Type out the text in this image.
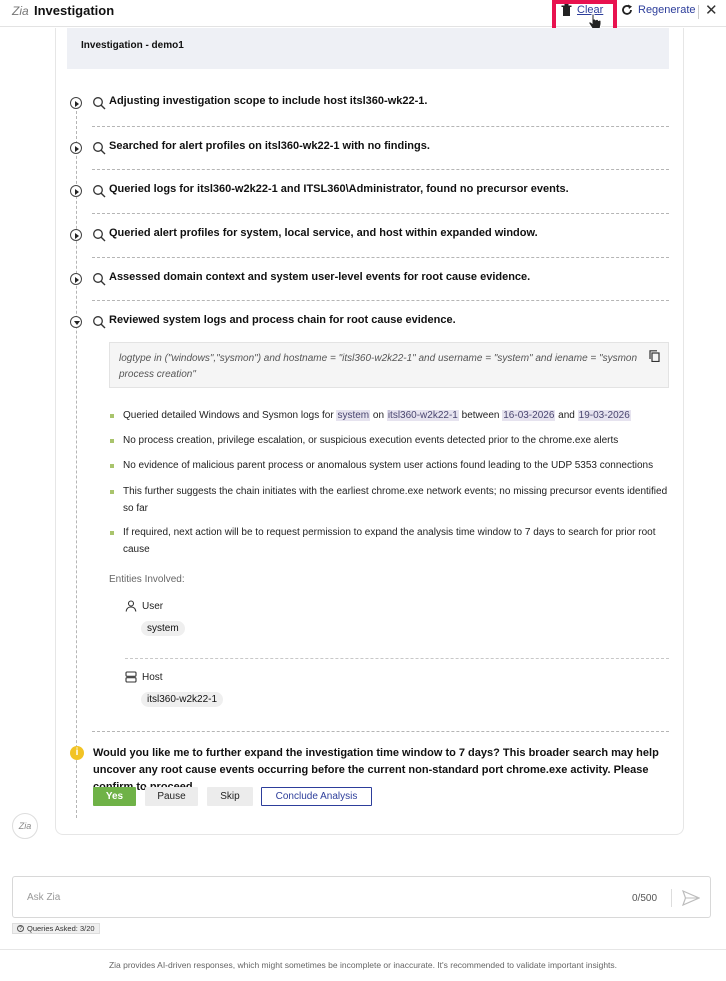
Zia Investigation	Clear	Regenerate ✕
Investigation - demo1
Adjusting investigation scope to include host itsl360-wk22-1.
Searched for alert profiles on itsl360-wk22-1 with no findings.
Queried logs for itsl360-w2k22-1 and ITSL360\Administrator, found no precursor events.
Queried alert profiles for system, local service, and host within expanded window.
Assessed domain context and system user-level events for root cause evidence.
Reviewed system logs and process chain for root cause evidence.
logtype in ("windows","sysmon") and hostname = "itsl360-w2k22-1" and username = "system" and iename = "sysmon
process creation"
Queried detailed Windows and Sysmon logs for system on itsl360-w2k22-1 between 16-03-2026 and 19-03-2026
No process creation, privilege escalation, or suspicious execution events detected prior to the chrome.exe alerts
No evidence of malicious parent process or anomalous system user actions found leading to the UDP 5353 connections
This further suggests the chain initiates with the earliest chrome.exe network events; no missing precursor events identified so far
If required, next action will be to request permission to expand the analysis time window to 7 days to search for prior root cause
Entities Involved:
User
system
Host
itsl360-w2k22-1
i	Would you like me to further expand the investigation time window to 7 days? This broader search may help uncover any root cause events occurring before the current non-standard port chrome.exe activity. Please to
Yes	Pause	Skip	Conclude Analysis
Zia
Ask Zia
0/500
? Queries Asked: 3/20
Zia provides AI-driven responses, which might sometimes be incomplete or inaccurate. It's recommended to validate important insights.
